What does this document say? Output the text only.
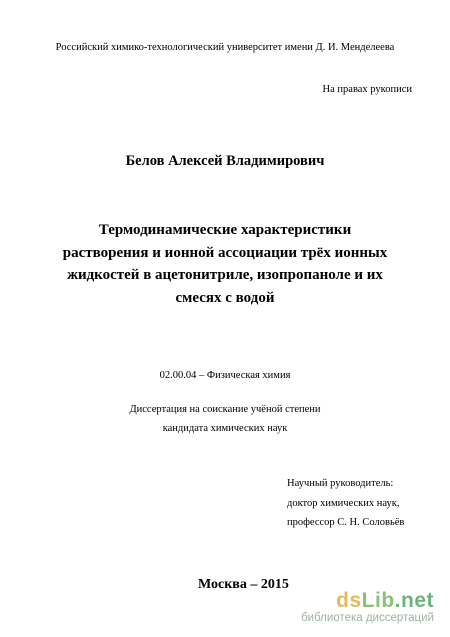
Российский химико-технологический университет имени Д. И. Менделеева
На правах рукописи
Белов Алексей Владимирович
Термодинамические характеристики
растворения и ионной ассоциации трёх ионных
жидкостей в ацетонитриле, изопропаноле и их
смесях с водой
02.00.04 – Физическая химия
Диссертация на соискание учёной степени
кандидата химических наук
Научный руководитель:
доктор химических наук,
профессор С. Н. Соловьёв
Москва – 2015
dsLib.net
библиотека диссертаций
